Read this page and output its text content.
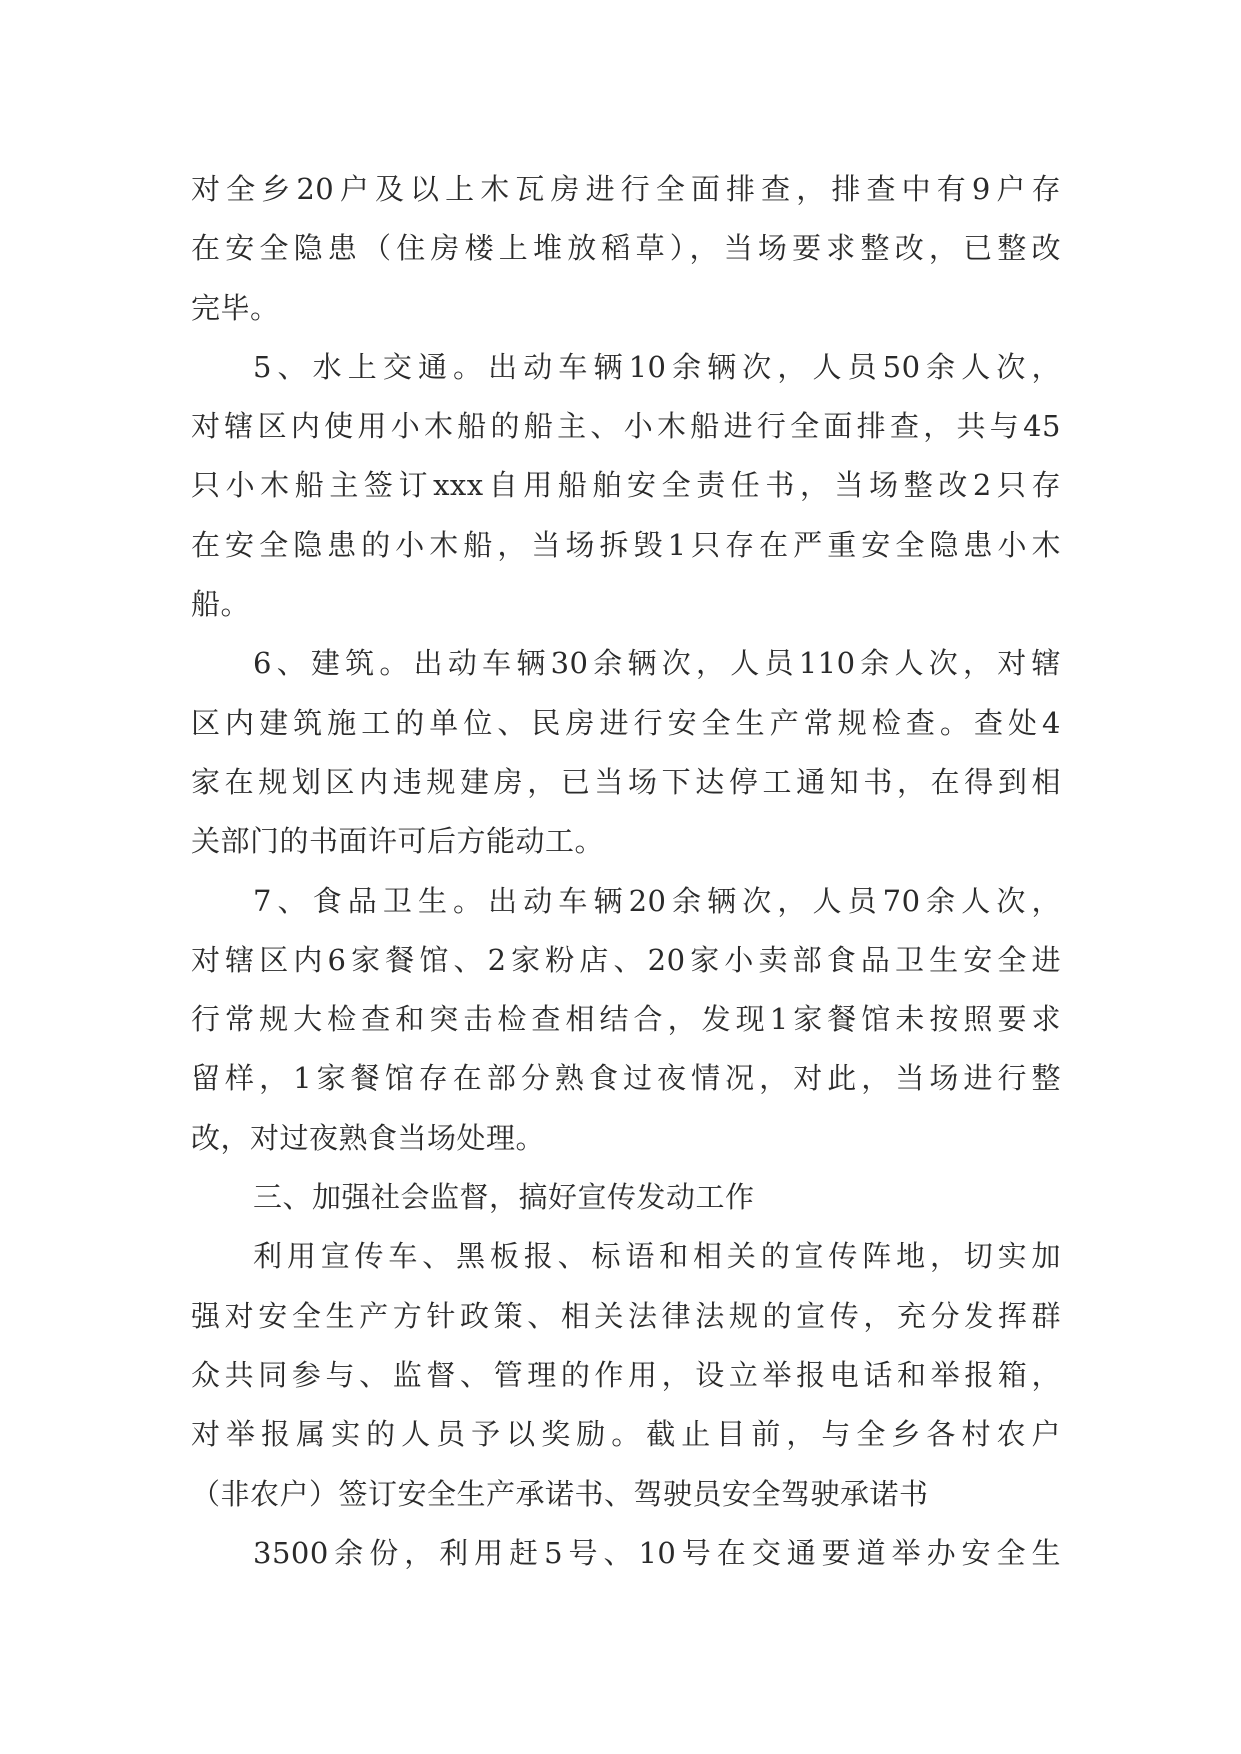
对全乡20户及以上木瓦房进行全面排查，排查中有9户存
在安全隐患（住房楼上堆放稻草），当场要求整改，已整改
完毕。
5、水上交通。出动车辆10余辆次，人员50余人次，
对辖区内使用小木船的船主、小木船进行全面排查，共与45
只小木船主签订xxx自用船舶安全责任书，当场整改2只存
在安全隐患的小木船，当场拆毁1只存在严重安全隐患小木
船。
6、建筑。出动车辆30余辆次，人员110余人次，对辖
区内建筑施工的单位、民房进行安全生产常规检查。查处4
家在规划区内违规建房，已当场下达停工通知书，在得到相
关部门的书面许可后方能动工。
7、食品卫生。出动车辆20余辆次，人员70余人次，
对辖区内6家餐馆、2家粉店、20家小卖部食品卫生安全进
行常规大检查和突击检查相结合，发现1家餐馆未按照要求
留样，1家餐馆存在部分熟食过夜情况，对此，当场进行整
改，对过夜熟食当场处理。
三、加强社会监督，搞好宣传发动工作
利用宣传车、黑板报、标语和相关的宣传阵地，切实加
强对安全生产方针政策、相关法律法规的宣传，充分发挥群
众共同参与、监督、管理的作用，设立举报电话和举报箱，
对举报属实的人员予以奖励。截止目前，与全乡各村农户
（非农户）签订安全生产承诺书、驾驶员安全驾驶承诺书
3500余份，利用赶5号、10号在交通要道举办安全生
